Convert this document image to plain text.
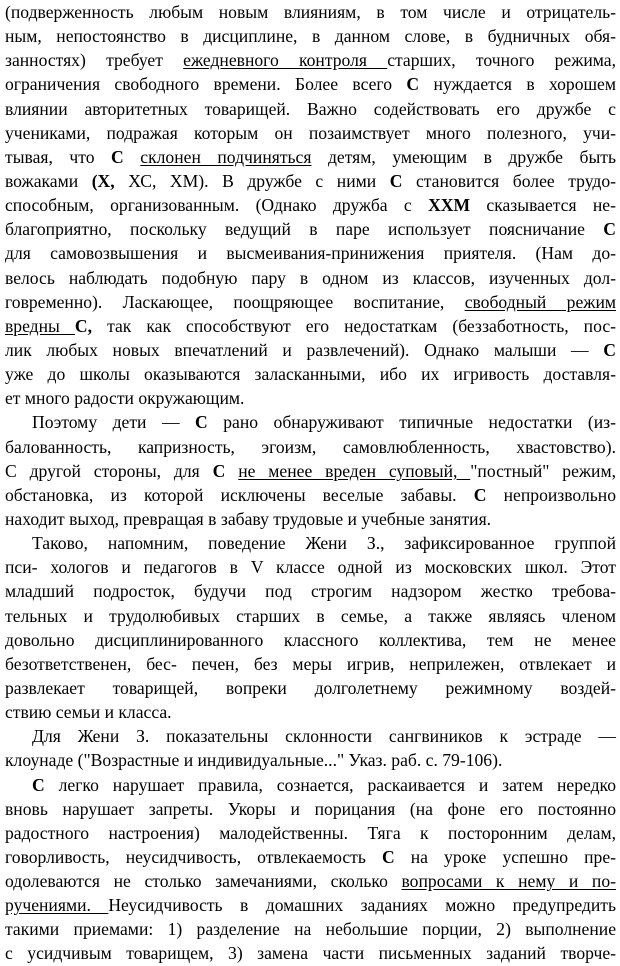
(подверженность любым новым влияниям, в том числе и отрицатель-
ным, непостоянство в дисциплине, в данном слове, в будничных обя-
занностях) требует ежедневного контроля старших, точного режима,
ограничения свободного времени. Более всего С нуждается в хорошем
влиянии авторитетных товарищей. Важно содействовать его дружбе с
учениками, подражая которым он позаимствует много полезного, учи-
тывая, что С склонен подчиняться детям, умеющим в дружбе быть
вожаками (Х, ХС, ХМ). В дружбе с ними С становится более трудо-
способным, организованным. (Однако дружба с ХХМ сказывается не-
благоприятно, поскольку ведущий в паре использует поясничание С
для самовозвышения и высмеивания-принижения приятеля. (Нам до-
велось наблюдать подобную пару в одном из классов, изученных дол-
говременно). Ласкающее, поощряющее воспитание, свободный режим
вредны С, так как способствуют его недостаткам (беззаботность, пос-
лик любых новых впечатлений и развлечений). Однако малыши — С
уже до школы оказываются заласканными, ибо их игривость доставля-
ет много радости окружающим.
Поэтому дети — С рано обнаруживают типичные недостатки (из-
балованность, капризность, эгоизм, самовлюбленность, хвастовство).
С другой стороны, для С не менее вреден суповый, "постный" режим,
обстановка, из которой исключены веселые забавы. С непроизвольно
находит выход, превращая в забаву трудовые и учебные занятия.
Таково, напомним, поведение Жени З., зафиксированное группой
пси- хологов и педагогов в V классе одной из московских школ. Этот
младший подросток, будучи под строгим надзором жестко требова-
тельных и трудолюбивых старших в семье, а также являясь членом
довольно дисциплинированного классного коллектива, тем не менее
безответственен, бес- печен, без меры игрив, неприлежен, отвлекает и
развлекает товарищей, вопреки долголетнему режимному воздей-
ствию семьи и класса.
Для Жени З. показательны склонности сангвиников к эстраде —
клоунаде ("Возрастные и индивидуальные..." Указ. раб. с. 79-106).
С легко нарушает правила, сознается, раскаивается и затем нередко
вновь нарушает запреты. Укоры и порицания (на фоне его постоянно
радостного настроения) малодейственны. Тяга к посторонним делам,
говорливость, неусидчивость, отвлекаемость С на уроке успешно пре-
одолеваются не столько замечаниями, сколько вопросами к нему и по-
ручениями. Неусидчивость в домашних заданиях можно предупредить
такими приемами: 1) разделение на небольшие порции, 2) выполнение
с усидчивым товарищем, 3) замена части письменных заданий творче-
